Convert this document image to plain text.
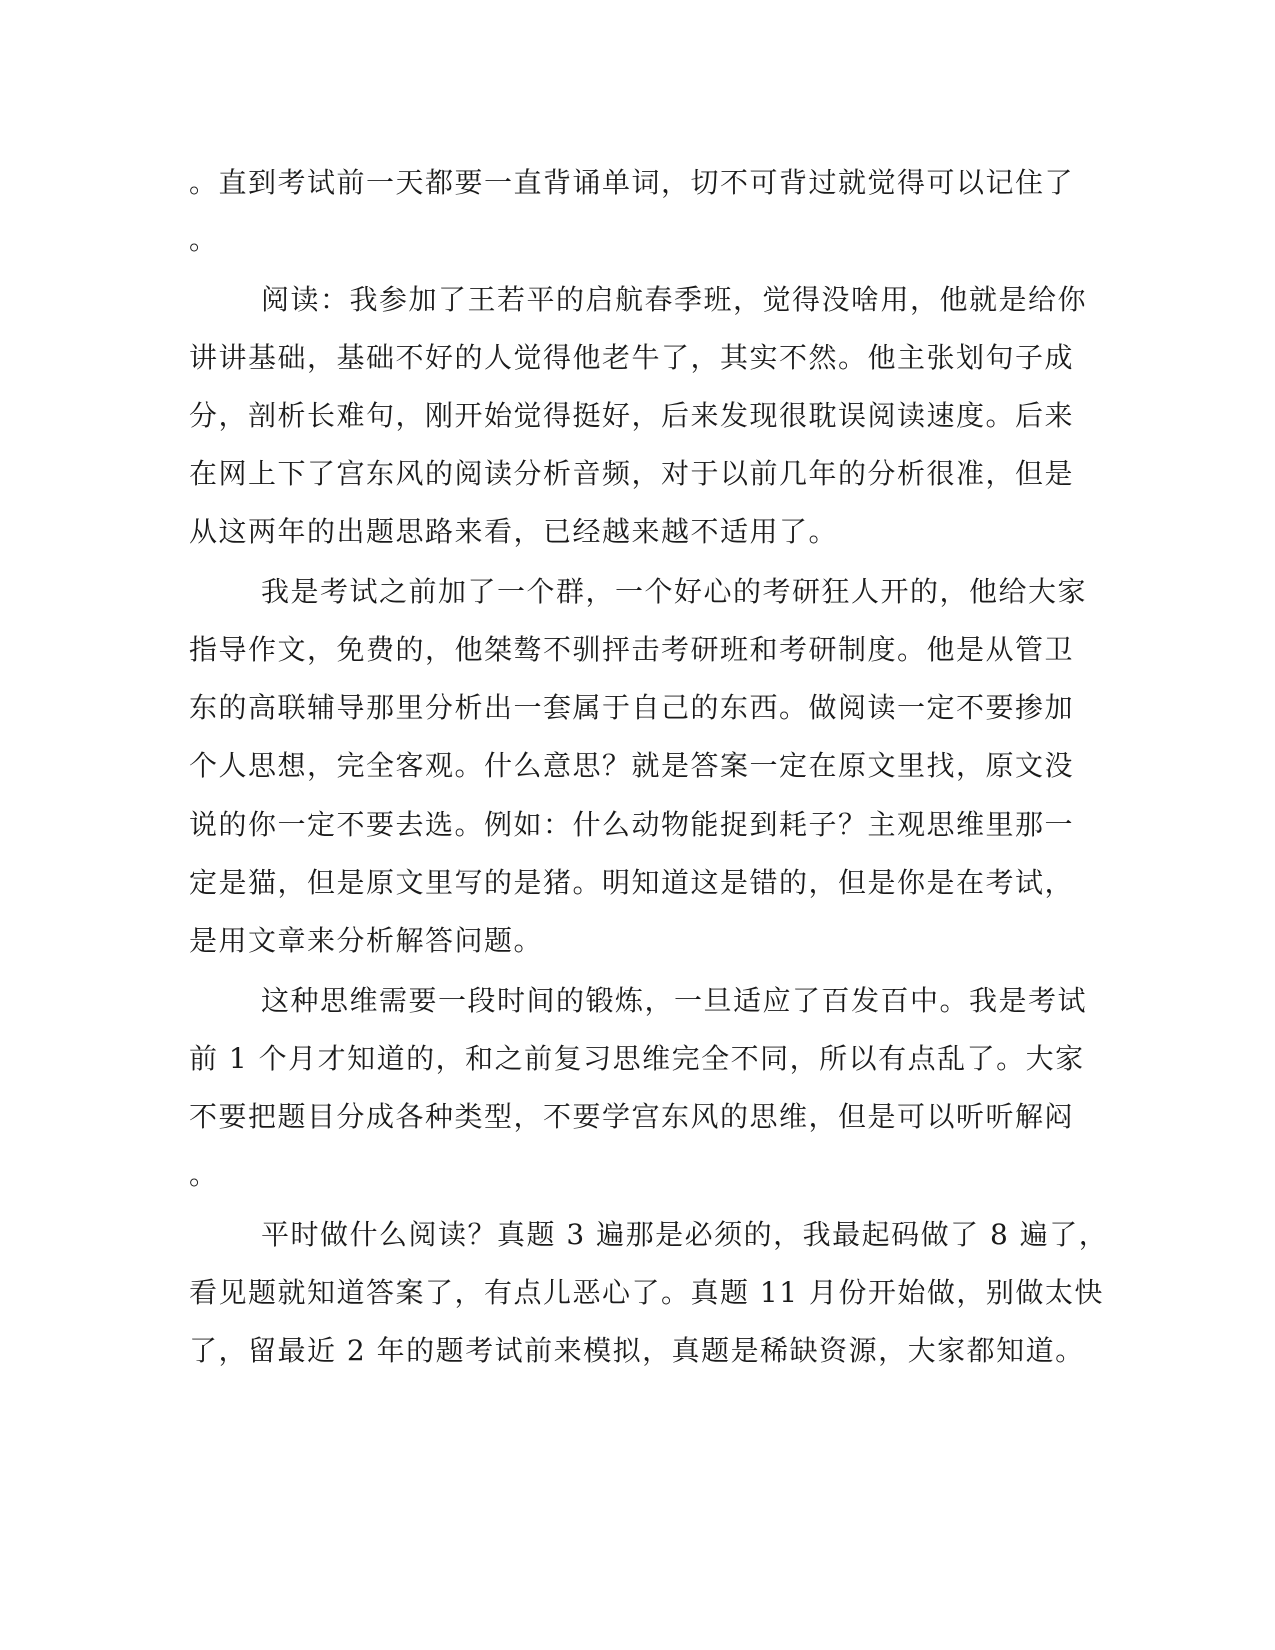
。直到考试前一天都要一直背诵单词，切不可背过就觉得可以记住了
。
阅读：我参加了王若平的启航春季班，觉得没啥用，他就是给你
讲讲基础，基础不好的人觉得他老牛了，其实不然。他主张划句子成
分，剖析长难句，刚开始觉得挺好，后来发现很耽误阅读速度。后来
在网上下了宫东风的阅读分析音频，对于以前几年的分析很准，但是
从这两年的出题思路来看，已经越来越不适用了。
我是考试之前加了一个群，一个好心的考研狂人开的，他给大家
指导作文，免费的，他桀骜不驯抨击考研班和考研制度。他是从管卫
东的高联辅导那里分析出一套属于自己的东西。做阅读一定不要掺加
个人思想，完全客观。什么意思？就是答案一定在原文里找，原文没
说的你一定不要去选。例如：什么动物能捉到耗子？主观思维里那一
定是猫，但是原文里写的是猪。明知道这是错的，但是你是在考试，
是用文章来分析解答问题。
这种思维需要一段时间的锻炼，一旦适应了百发百中。我是考试
前 1 个月才知道的，和之前复习思维完全不同，所以有点乱了。大家
不要把题目分成各种类型，不要学宫东风的思维，但是可以听听解闷
。
平时做什么阅读？真题 3 遍那是必须的，我最起码做了 8 遍了，
看见题就知道答案了，有点儿恶心了。真题 11 月份开始做，别做太快
了，留最近 2 年的题考试前来模拟，真题是稀缺资源，大家都知道。
